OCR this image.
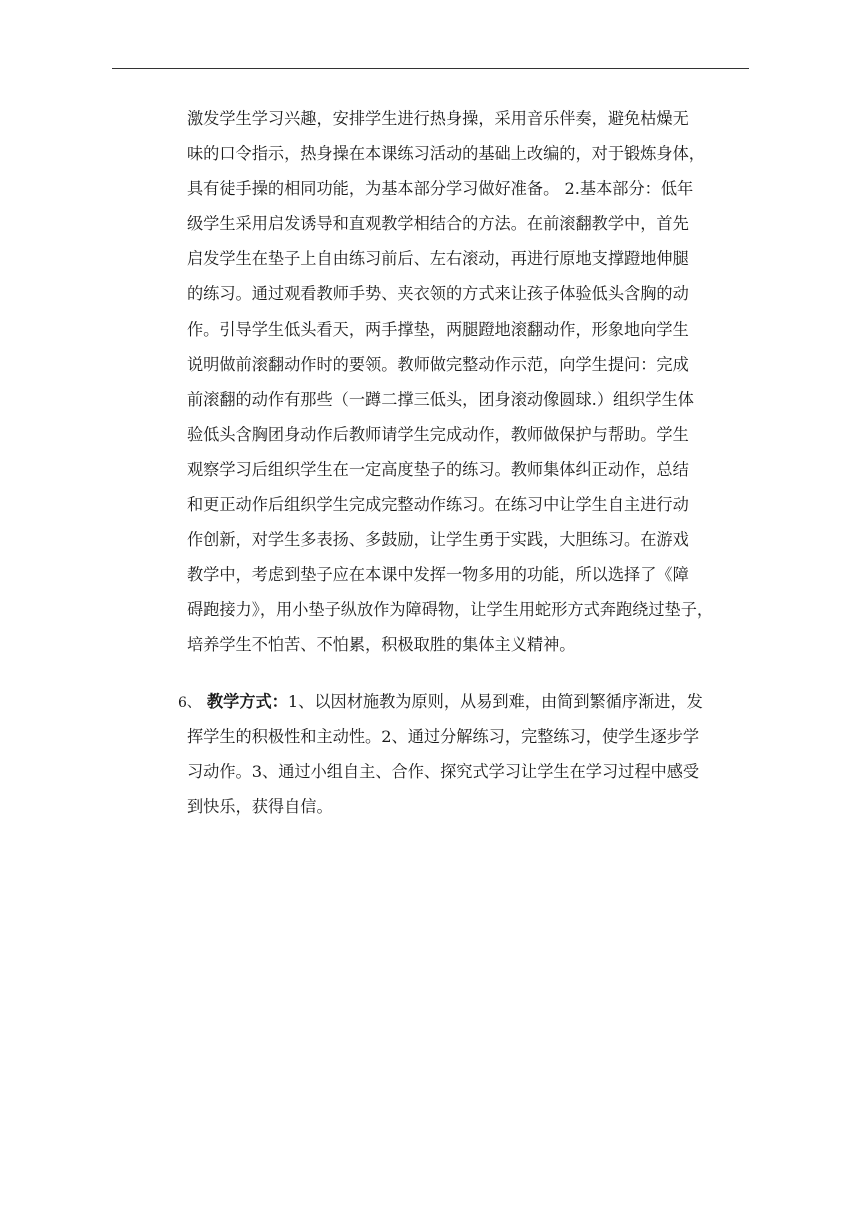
激发学生学习兴趣，安排学生进行热身操，采用音乐伴奏，避免枯燥无
味的口令指示，热身操在本课练习活动的基础上改编的，对于锻炼身体，
具有徒手操的相同功能，为基本部分学习做好准备。 2.基本部分：低年
级学生采用启发诱导和直观教学相结合的方法。在前滚翻教学中，首先
启发学生在垫子上自由练习前后、左右滚动，再进行原地支撑蹬地伸腿
的练习。通过观看教师手势、夹衣领的方式来让孩子体验低头含胸的动
作。引导学生低头看天，两手撑垫，两腿蹬地滚翻动作，形象地向学生
说明做前滚翻动作时的要领。教师做完整动作示范，向学生提问：完成
前滚翻的动作有那些（一蹲二撑三低头，团身滚动像圆球.）组织学生体
验低头含胸团身动作后教师请学生完成动作，教师做保护与帮助。学生
观察学习后组织学生在一定高度垫子的练习。教师集体纠正动作，总结
和更正动作后组织学生完成完整动作练习。在练习中让学生自主进行动
作创新，对学生多表扬、多鼓励，让学生勇于实践，大胆练习。在游戏
教学中，考虑到垫子应在本课中发挥一物多用的功能，所以选择了《障
碍跑接力》，用小垫子纵放作为障碍物，让学生用蛇形方式奔跑绕过垫子，
培养学生不怕苦、不怕累，积极取胜的集体主义精神。
6、 教学方式：1、以因材施教为原则，从易到难，由简到繁循序渐进，发
挥学生的积极性和主动性。2、通过分解练习，完整练习，使学生逐步学
习动作。3、通过小组自主、合作、探究式学习让学生在学习过程中感受
到快乐，获得自信。
